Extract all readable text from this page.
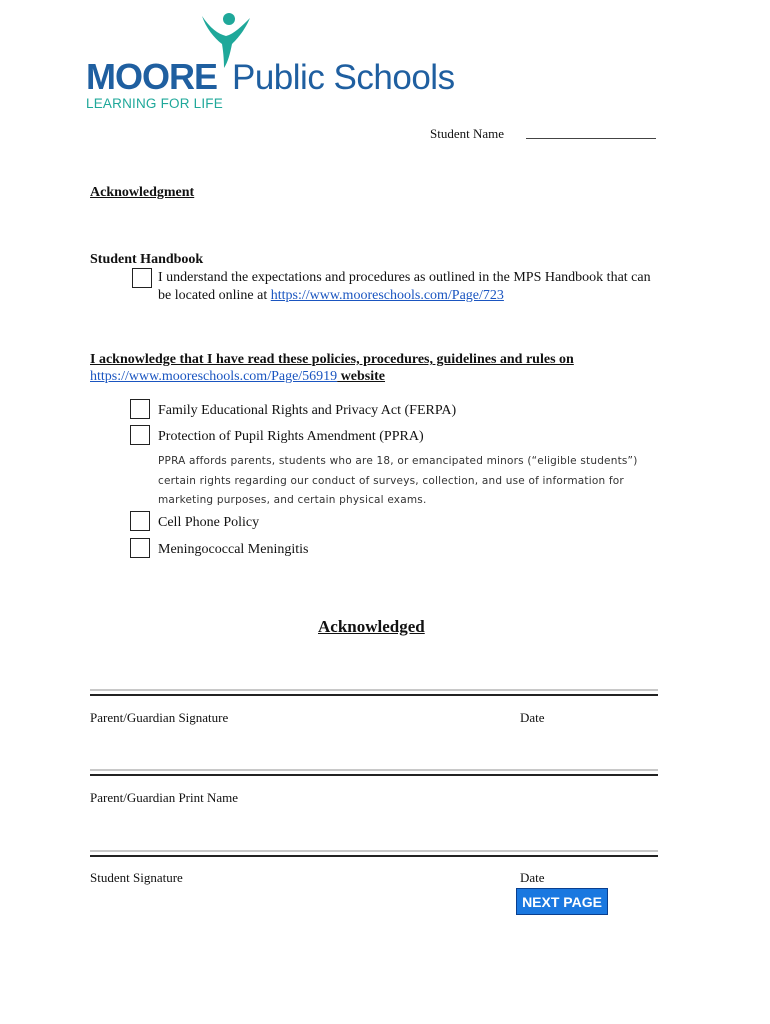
MOORE Public Schools
LEARNING FOR LIFE
Student Name
Acknowledgment
Student Handbook
I understand the expectations and procedures as outlined in the MPS Handbook that can
be located online at https://www.mooreschools.com/Page/723
I acknowledge that I have read these policies, procedures, guidelines and rules on
https://www.mooreschools.com/Page/56919 website
Family Educational Rights and Privacy Act (FERPA)
Protection of Pupil Rights Amendment (PPRA)
PPRA affords parents, students who are 18, or emancipated minors (“eligible students”)
certain rights regarding our conduct of surveys, collection, and use of information for
marketing purposes, and certain physical exams.
Cell Phone Policy
Meningococcal Meningitis
Acknowledged
Parent/Guardian Signature	Date
Parent/Guardian Print Name
Student Signature	Date
NEXT PAGE
